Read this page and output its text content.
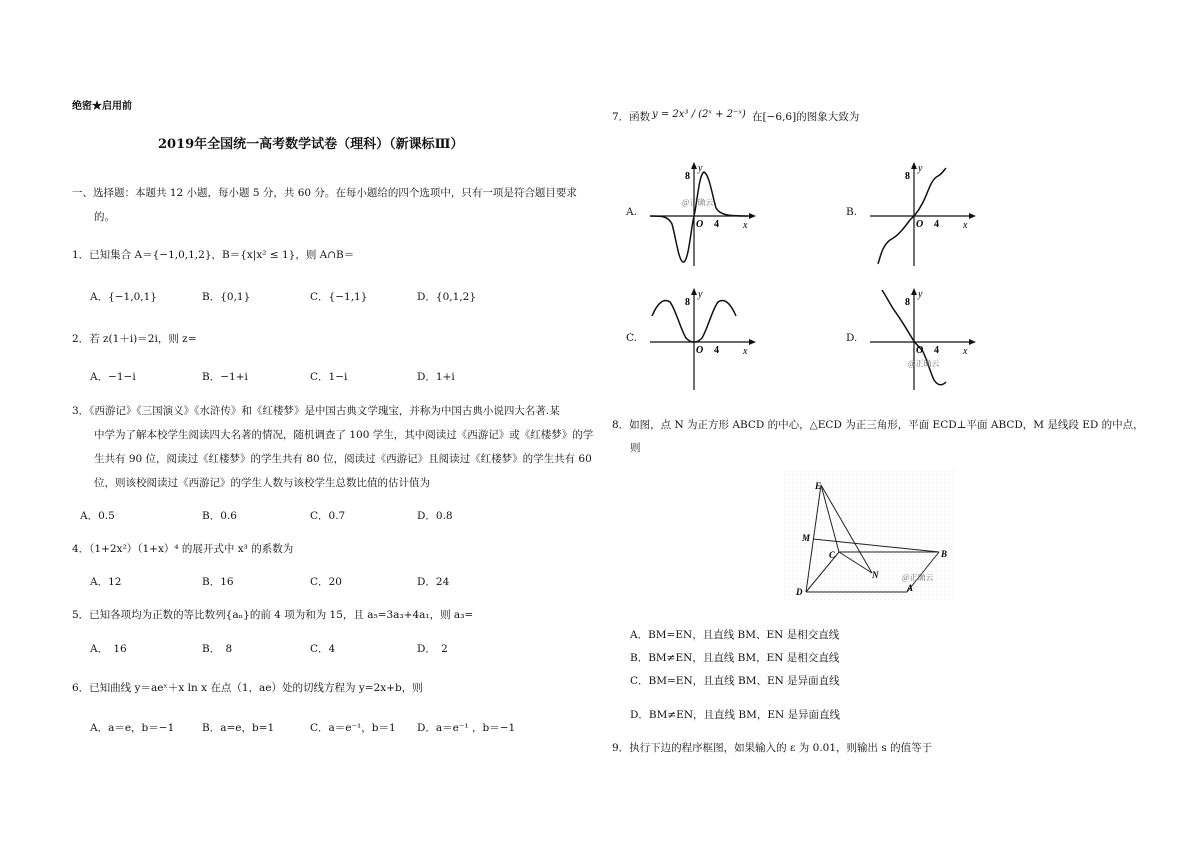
绝密★启用前
2019年全国统一高考数学试卷（理科）（新课标Ⅲ）
一、选择题：本题共 12 小题，每小题 5 分，共 60 分。在每小题给的四个选项中，只有一项是符合题目要求
的。
1．已知集合 A＝{−1,0,1,2}，B＝{x|x² ≤ 1}，则 A∩B＝
A．{−1,0,1}	B．{0,1}	C．{−1,1}	D．{0,1,2}
2．若 z(1＋i)＝2i，则 z=
A．−1−i	B．−1+i	C．1−i	D．1+i
3．《西游记》《三国演义》《水浒传》和《红楼梦》是中国古典文学瑰宝，并称为中国古典小说四大名著.某
中学为了解本校学生阅读四大名著的情况，随机调查了 100 学生，其中阅读过《西游记》或《红楼梦》的学
生共有 90 位，阅读过《红楼梦》的学生共有 80 位，阅读过《西游记》且阅读过《红楼梦》的学生共有 60
位，则该校阅读过《西游记》的学生人数与该校学生总数比值的估计值为
A．0.5	B．0.6	C．0.7	D．0.8
4．（1+2x²）（1+x）⁴ 的展开式中 x³ 的系数为
A．12	B．16	C．20	D．24
5．已知各项均为正数的等比数列{aₙ}的前 4 项为和为 15，且 a₅=3a₃+4a₁，则 a₃=
A．　16	B．　8	C．4	D．　2
6．已知曲线 y＝aeˣ＋x ln x 在点（1，ae）处的切线方程为 y=2x+b，则
A．a＝e，b＝−1	B．a=e，b=1	C．a＝e⁻¹，b＝1 D．a＝e⁻¹ ，b＝−1
7．函数 y = 2x³ / (2ˣ + 2⁻ˣ) 在[−6,6]的图象大致为
A.
y
8
O 4 x
@正确云
B.
y
8
O 4 x
C.
y
8
O 4 x
D.
y
8
O 4 x
@正确云
8．如图，点 N 为正方形 ABCD 的中心，△ECD 为正三角形，平面 ECD⊥平面 ABCD，M 是线段 ED 的中点，
则
E
M
C	B
N
D	A
@正确云
A．BM=EN，且直线 BM、EN 是相交直线
B．BM≠EN，且直线 BM，EN 是相交直线
C．BM=EN，且直线 BM、EN 是异面直线
D．BM≠EN，且直线 BM，EN 是异面直线
9．执行下边的程序框图，如果输入的 ε 为 0.01，则输出 s 的值等于
